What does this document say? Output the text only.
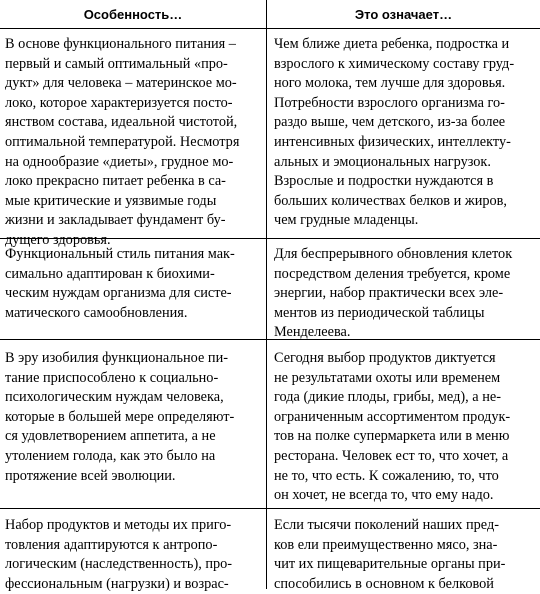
Особенность…	Это означает…

В основе функционального питания –
первый и самый оптимальный «про-
дукт» для человека – материнское мо-
локо, которое характеризуется посто-
янством состава, идеальной чистотой,
оптимальной температурой. Несмотря
на однообразие «диеты», грудное мо-
локо прекрасно питает ребенка в са-
мые критические и уязвимые годы
жизни и закладывает фундамент бу-
дущего здоровья.

Чем ближе диета ребенка, подростка и
взрослого к химическому составу груд-
ного молока, тем лучше для здоровья.
Потребности взрослого организма го-
раздо выше, чем детского, из-за более
интенсивных физических, интеллекту-
альных и эмоциональных нагрузок.
Взрослые и подростки нуждаются в
больших количествах белков и жиров,
чем грудные младенцы.

Функциональный стиль питания мак-
симально адаптирован к биохими-
ческим нуждам организма для систе-
матического самообновления.

Для беспрерывного обновления клеток
посредством деления требуется, кроме
энергии, набор практически всех эле-
ментов из периодической таблицы
Менделеева.

В эру изобилия функциональное пи-
тание приспособлено к социально-
психологическим нуждам человека,
которые в большей мере определяют-
ся удовлетворением аппетита, а не
утолением голода, как это было на
протяжение всей эволюции.

Сегодня выбор продуктов диктуется
не результатами охоты или временем
года (дикие плоды, грибы, мед), а не-
ограниченным ассортиментом продук-
тов на полке супермаркета или в меню
ресторана. Человек ест то, что хочет, а
не то, что есть. К сожалению, то, что
он хочет, не всегда то, что ему надо.

Набор продуктов и методы их приго-
товления адаптируются к антропо-
логическим (наследственность), про-
фессиональным (нагрузки) и возрас-

Если тысячи поколений наших пред-
ков ели преимущественно мясо, зна-
чит их пищеварительные органы при-
способились в основном к белковой
